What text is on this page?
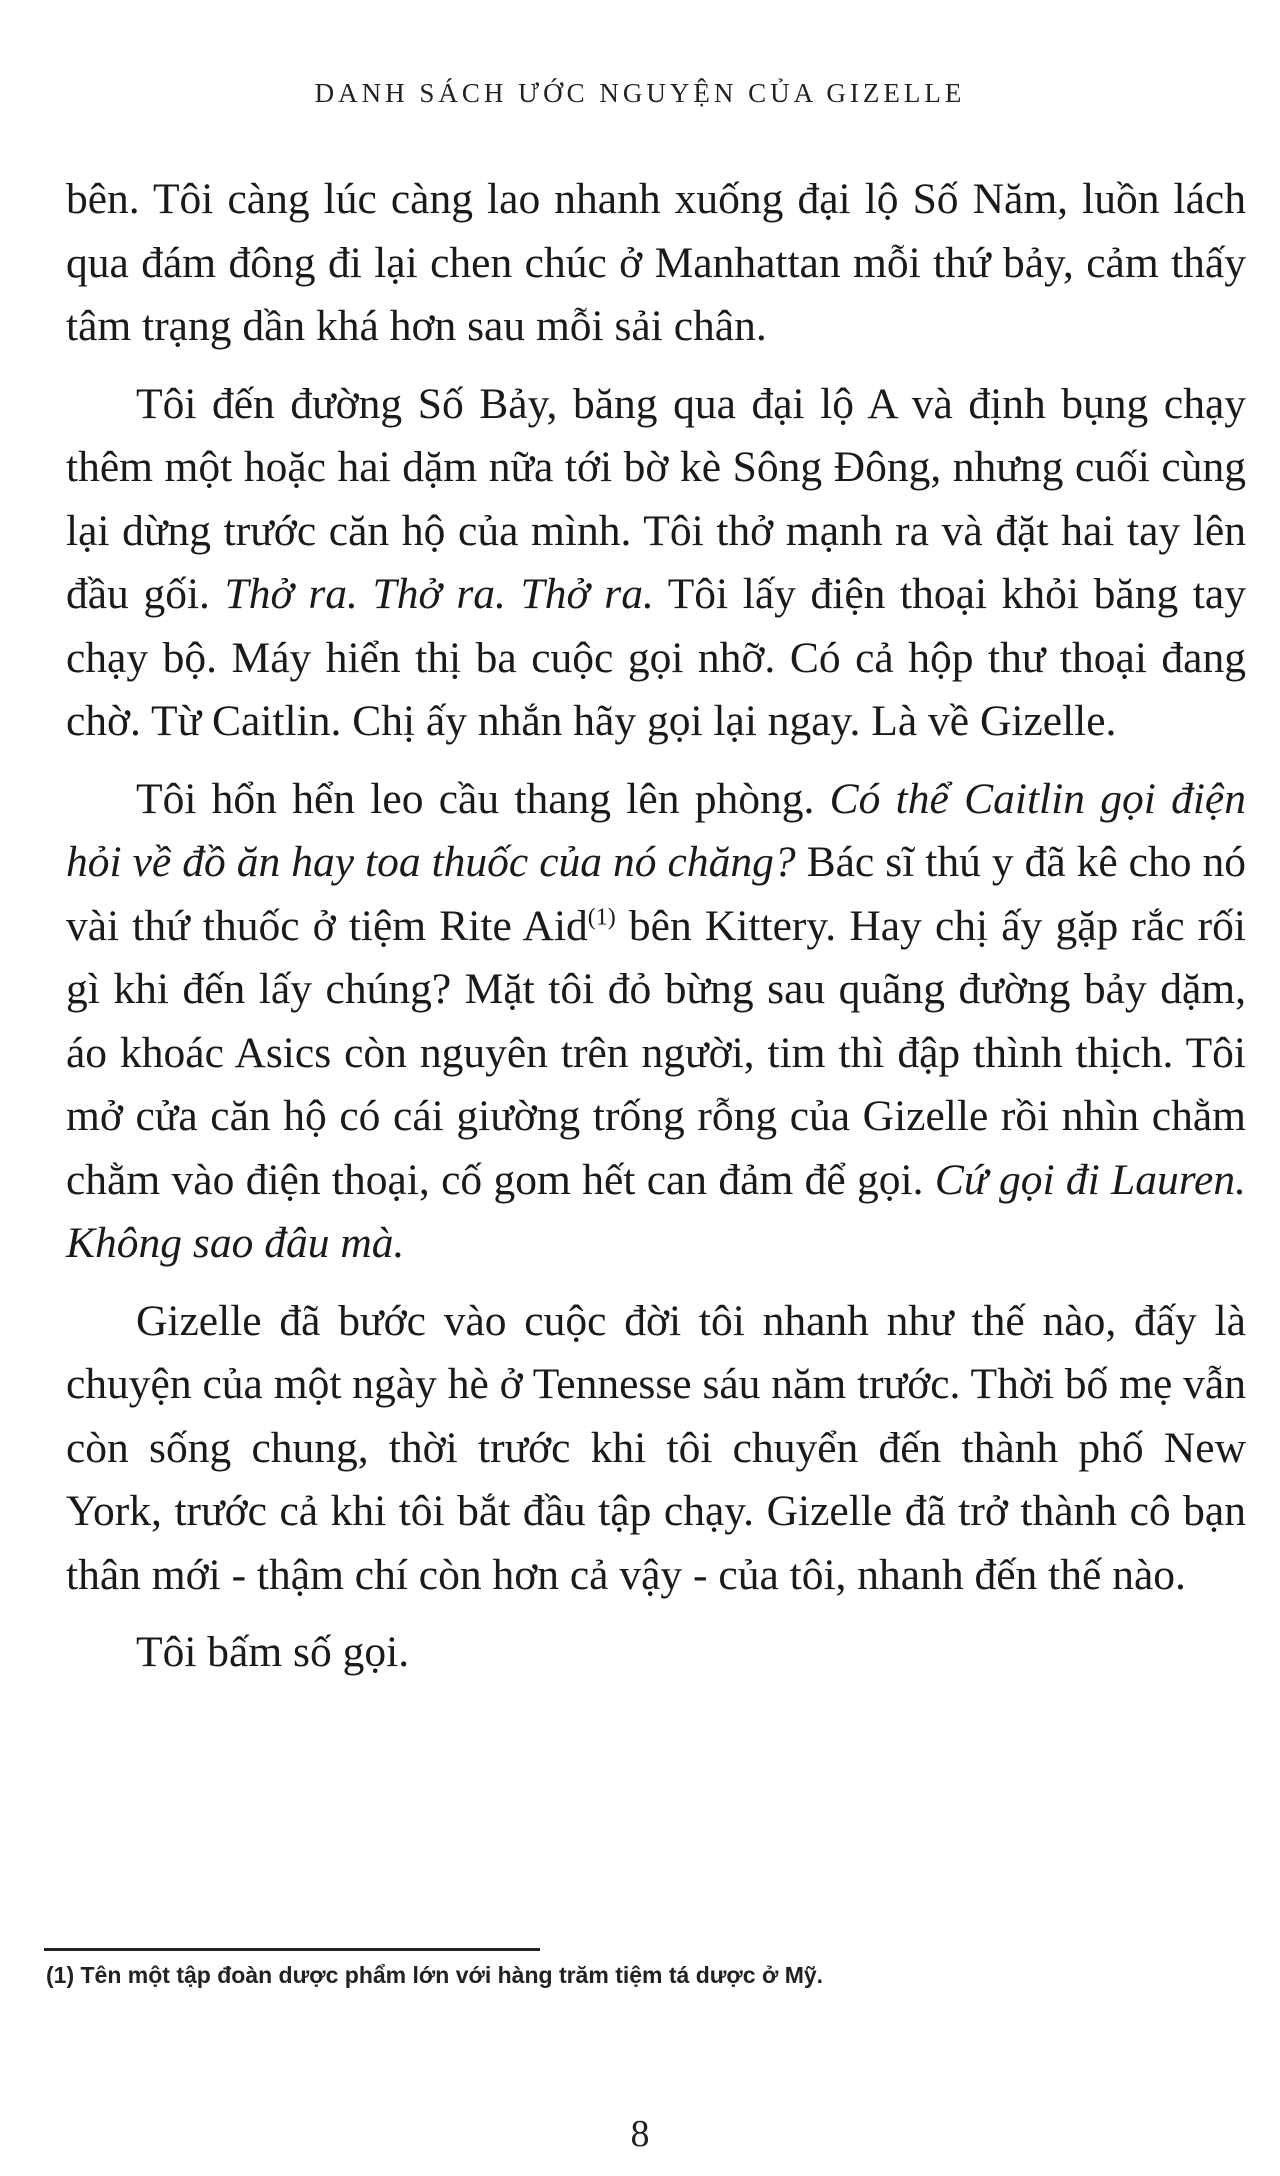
DANH SÁCH ƯỚC NGUYỆN CỦA GIZELLE

bên. Tôi càng lúc càng lao nhanh xuống đại lộ Số Năm, luồn lách qua đám đông đi lại chen chúc ở Manhattan mỗi thứ bảy, cảm thấy tâm trạng dần khá hơn sau mỗi sải chân.

Tôi đến đường Số Bảy, băng qua đại lộ A và định bụng chạy thêm một hoặc hai dặm nữa tới bờ kè Sông Đông, nhưng cuối cùng lại dừng trước căn hộ của mình. Tôi thở mạnh ra và đặt hai tay lên đầu gối. Thở ra. Thở ra. Thở ra. Tôi lấy điện thoại khỏi băng tay chạy bộ. Máy hiển thị ba cuộc gọi nhỡ. Có cả hộp thư thoại đang chờ. Từ Caitlin. Chị ấy nhắn hãy gọi lại ngay. Là về Gizelle.

Tôi hổn hển leo cầu thang lên phòng. Có thể Caitlin gọi điện hỏi về đồ ăn hay toa thuốc của nó chăng? Bác sĩ thú y đã kê cho nó vài thứ thuốc ở tiệm Rite Aid$^{(1)}$ bên Kittery. Hay chị ấy gặp rắc rối gì khi đến lấy chúng? Mặt tôi đỏ bừng sau quãng đường bảy dặm, áo khoác Asics còn nguyên trên người, tim thì đập thình thịch. Tôi mở cửa căn hộ có cái giường trống rỗng của Gizelle rồi nhìn chằm chằm vào điện thoại, cố gom hết can đảm để gọi. Cứ gọi đi Lauren. Không sao đâu mà.

Gizelle đã bước vào cuộc đời tôi nhanh như thế nào, đấy là chuyện của một ngày hè ở Tennesse sáu năm trước. Thời bố mẹ vẫn còn sống chung, thời trước khi tôi chuyển đến thành phố New York, trước cả khi tôi bắt đầu tập chạy. Gizelle đã trở thành cô bạn thân mới - thậm chí còn hơn cả vậy - của tôi, nhanh đến thế nào.

Tôi bấm số gọi.

(1) Tên một tập đoàn dược phẩm lớn với hàng trăm tiệm tá dược ở Mỹ.
8
